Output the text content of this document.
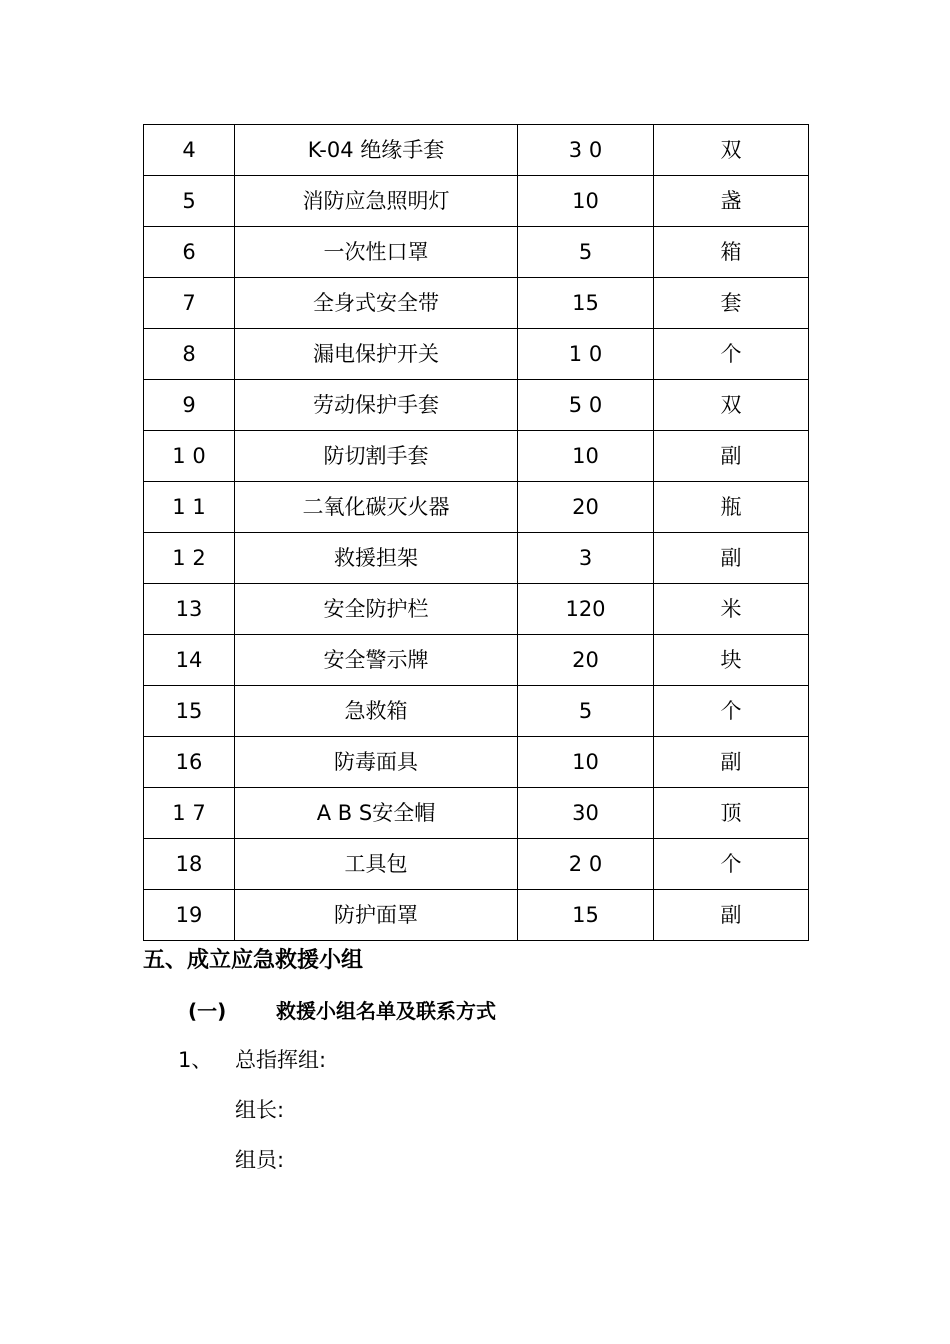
4	K-04 绝缘手套	3 0	双
5	消防应急照明灯	10	盏
6	一次性口罩	5	箱
7	全身式安全带	15	套
8	漏电保护开关	1 0	个
9	劳动保护手套	5 0	双
1 0	防切割手套	10	副
1 1	二氧化碳灭火器	20	瓶
1 2	救援担架	3	副
13	安全防护栏	120	米
14	安全警示牌	20	块
15	急救箱	5	个
16	防毒面具	10	副
1 7	A B S安全帽	30	顶
18	工具包	2 0	个
19	防护面罩	15	副
五、成立应急救援小组
(一) 救援小组名单及联系方式
1、 总指挥组:
组长:
组员:
